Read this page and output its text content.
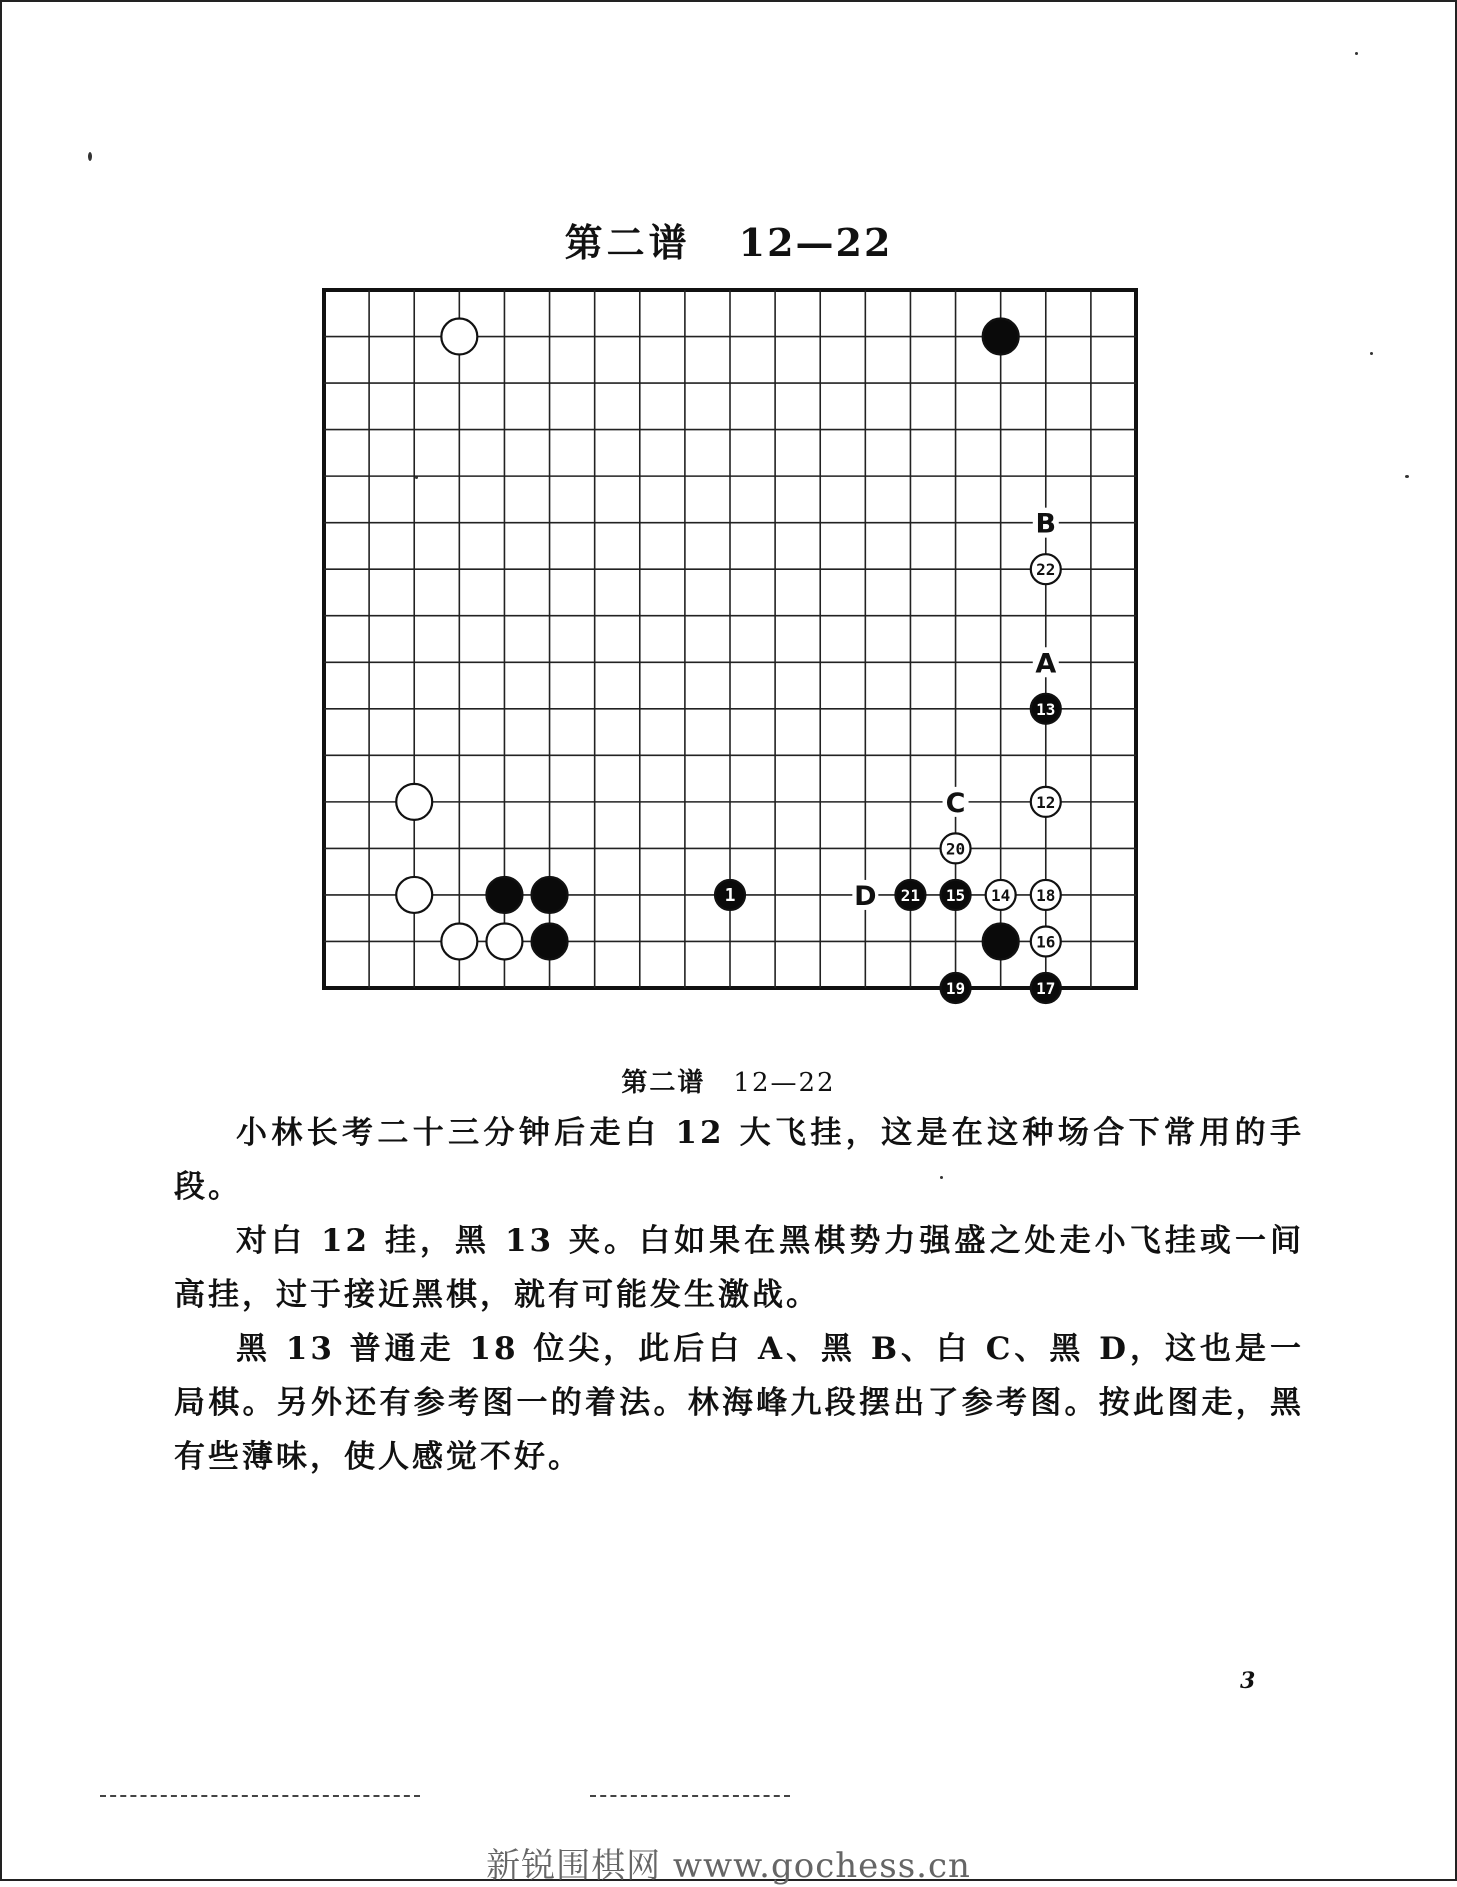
第二谱 12—22
B
A
C
D
1	21 15 14 18
20
12
13
22
16
19	17
第二谱 12—22

小林长考二十三分钟后走白 12 大飞挂，这是在这种场合下常用的手段。

对白 12 挂，黑 13 夹。白如果在黑棋势力强盛之处走小飞挂或一间高挂，过于接近黑棋，就有可能发生激战。

黑 13 普通走 18 位尖，此后白 A、黑 B、白 C、黑 D，这也是一局棋。另外还有参考图一的着法。林海峰九段摆出了参考图。按此图走，黑有些薄味，使人感觉不好。

3
新锐围棋网 www.gochess.cn
